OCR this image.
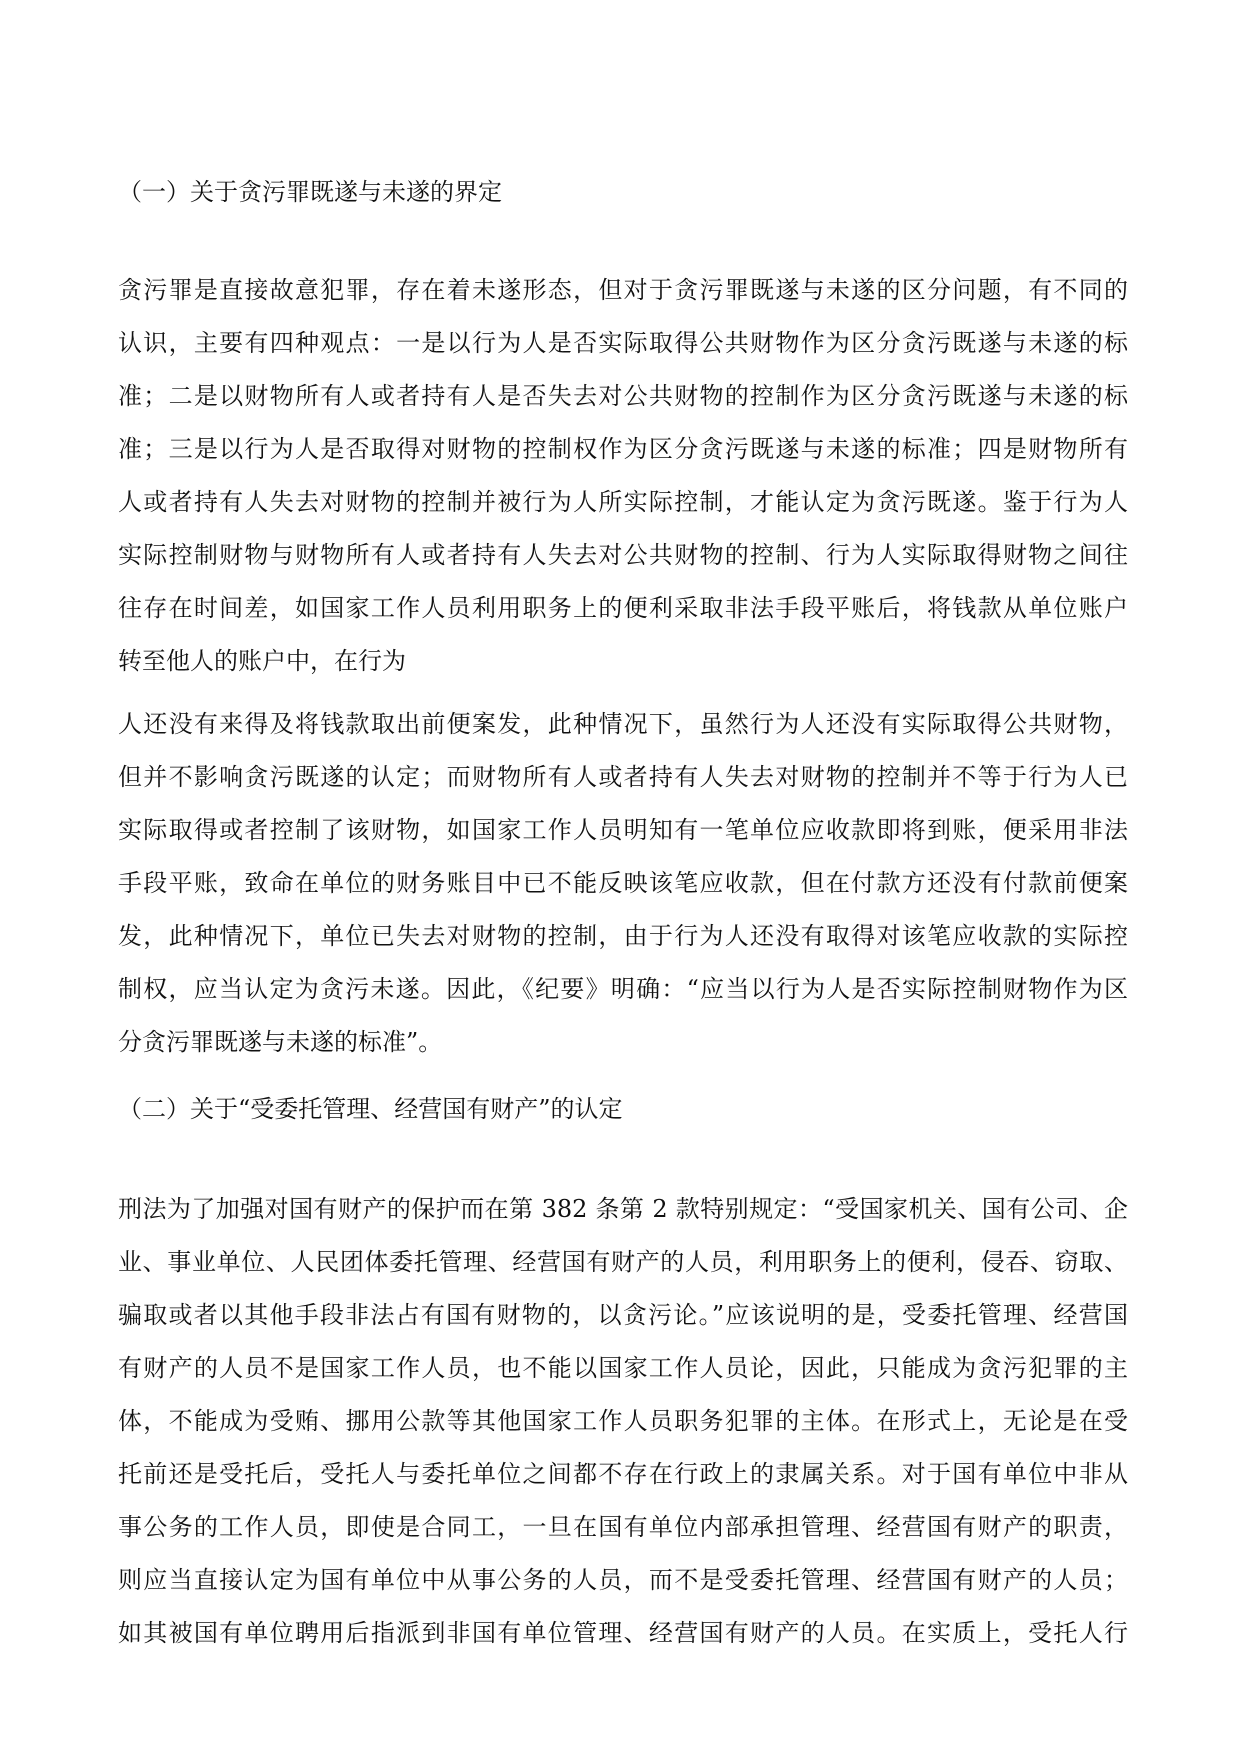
（一）关于贪污罪既遂与未遂的界定
贪污罪是直接故意犯罪，存在着未遂形态，但对于贪污罪既遂与未遂的区分问题，有不同的
认识，主要有四种观点：一是以行为人是否实际取得公共财物作为区分贪污既遂与未遂的标
准；二是以财物所有人或者持有人是否失去对公共财物的控制作为区分贪污既遂与未遂的标
准；三是以行为人是否取得对财物的控制权作为区分贪污既遂与未遂的标准；四是财物所有
人或者持有人失去对财物的控制并被行为人所实际控制，才能认定为贪污既遂。鉴于行为人
实际控制财物与财物所有人或者持有人失去对公共财物的控制、行为人实际取得财物之间往
往存在时间差，如国家工作人员利用职务上的便利采取非法手段平账后，将钱款从单位账户
转至他人的账户中，在行为
人还没有来得及将钱款取出前便案发，此种情况下，虽然行为人还没有实际取得公共财物，
但并不影响贪污既遂的认定；而财物所有人或者持有人失去对财物的控制并不等于行为人已
实际取得或者控制了该财物，如国家工作人员明知有一笔单位应收款即将到账，便采用非法
手段平账，致命在单位的财务账目中已不能反映该笔应收款，但在付款方还没有付款前便案
发，此种情况下，单位已失去对财物的控制，由于行为人还没有取得对该笔应收款的实际控
制权，应当认定为贪污未遂。因此，《纪要》明确：“应当以行为人是否实际控制财物作为区
分贪污罪既遂与未遂的标准”。
（二）关于“受委托管理、经营国有财产”的认定
刑法为了加强对国有财产的保护而在第 382 条第 2 款特别规定：“受国家机关、国有公司、企
业、事业单位、人民团体委托管理、经营国有财产的人员，利用职务上的便利，侵吞、窃取、
骗取或者以其他手段非法占有国有财物的，以贪污论。”应该说明的是，受委托管理、经营国
有财产的人员不是国家工作人员，也不能以国家工作人员论，因此，只能成为贪污犯罪的主
体，不能成为受贿、挪用公款等其他国家工作人员职务犯罪的主体。在形式上，无论是在受
托前还是受托后，受托人与委托单位之间都不存在行政上的隶属关系。对于国有单位中非从
事公务的工作人员，即使是合同工，一旦在国有单位内部承担管理、经营国有财产的职责，
则应当直接认定为国有单位中从事公务的人员，而不是受委托管理、经营国有财产的人员；
如其被国有单位聘用后指派到非国有单位管理、经营国有财产的人员。在实质上，受托人行
